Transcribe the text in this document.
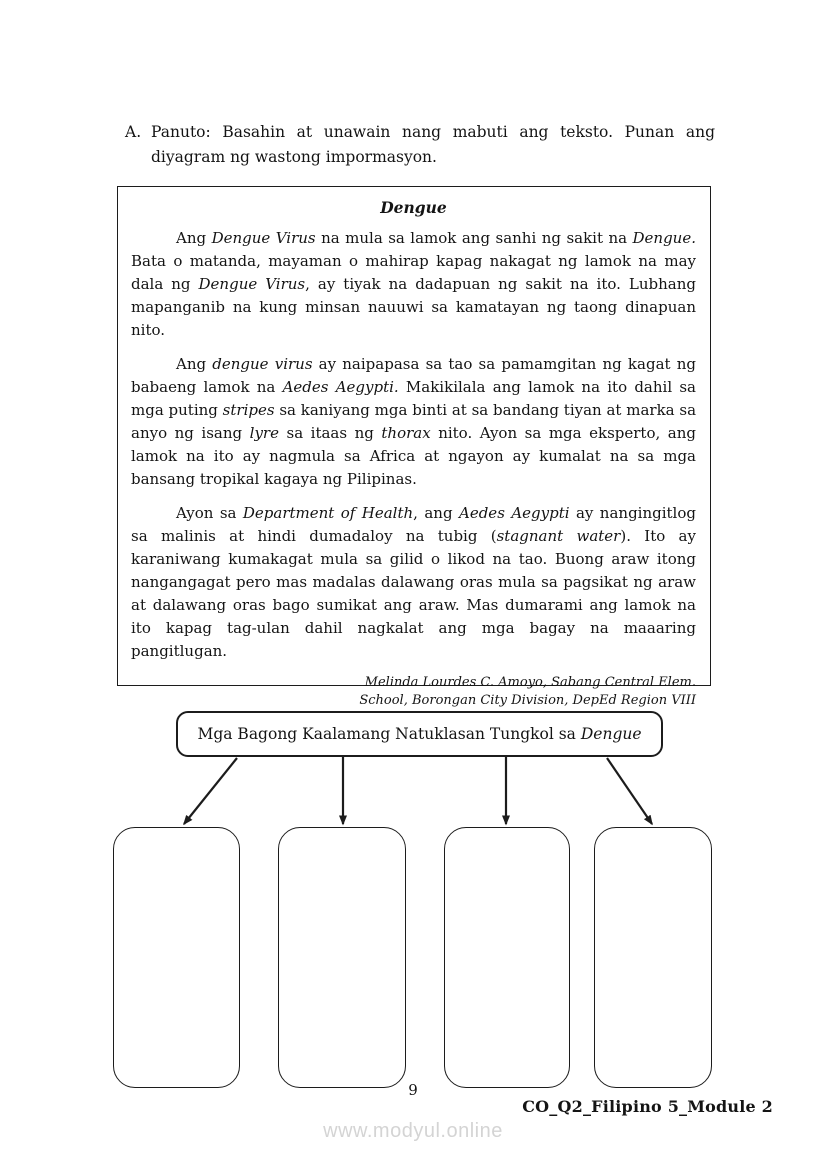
A. Panuto: Basahin at unawain nang mabuti ang teksto. Punan ang diyagram ng wastong impormasyon.
Dengue

Ang Dengue Virus na mula sa lamok ang sanhi ng sakit na Dengue. Bata o matanda, mayaman o mahirap kapag nakagat ng lamok na may dala ng Dengue Virus, ay tiyak na dadapuan ng sakit na ito. Lubhang mapanganib na kung minsan nauuwi sa kamatayan ng taong dinapuan nito.

Ang dengue virus ay naipapasa sa tao sa pamamgitan ng kagat ng babaeng lamok na Aedes Aegypti. Makikilala ang lamok na ito dahil sa mga puting stripes sa kaniyang mga binti at sa bandang tiyan at marka sa anyo ng isang lyre sa itaas ng thorax nito. Ayon sa mga eksperto, ang lamok na ito ay nagmula sa Africa at ngayon ay kumalat na sa mga bansang tropikal kagaya ng Pilipinas.

Ayon sa Department of Health, ang Aedes Aegypti ay nangingitlog sa malinis at hindi dumadaloy na tubig (stagnant water). Ito ay karaniwang kumakagat mula sa gilid o likod na tao. Buong araw itong nangangagat pero mas madalas dalawang oras mula sa pagsikat ng araw at dalawang oras bago sumikat ang araw. Mas dumarami ang lamok na ito kapag tag-ulan dahil nagkalat ang mga bagay na maaaring pangitlugan.

Melinda Lourdes C. Amoyo, Sabang Central Elem.
School, Borongan City Division, DepEd Region VIII
Mga Bagong Kaalamang Natuklasan Tungkol sa Dengue
9
CO_Q2_Filipino 5_Module 2
www.modyul.online
